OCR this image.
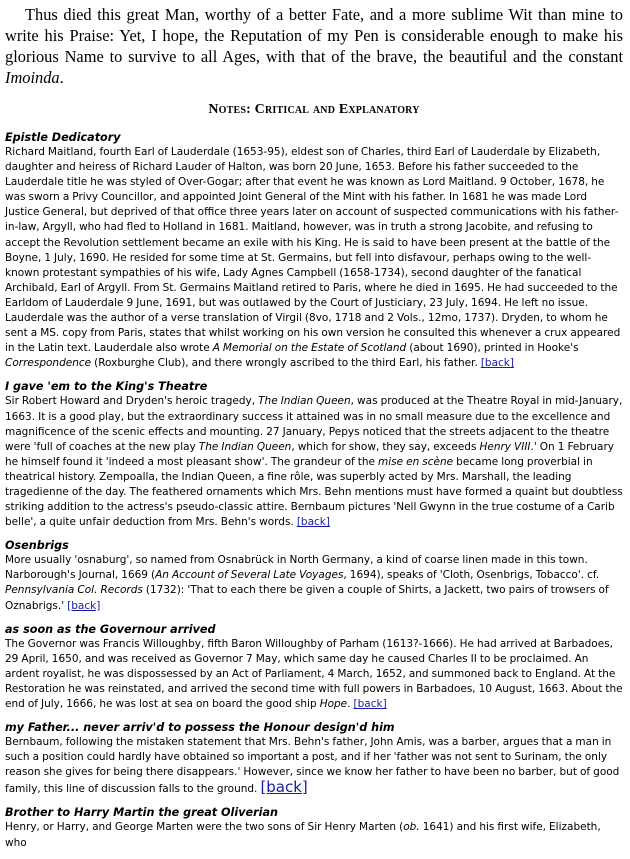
Thus died this great Man, worthy of a better Fate, and a more sublime Wit than mine to write his Praise: Yet, I hope, the Reputation of my Pen is considerable enough to make his glorious Name to survive to all Ages, with that of the brave, the beautiful and the constant Imoinda.

Notes: Critical and Explanatory
Epistle Dedicatory

Richard Maitland, fourth Earl of Lauderdale (1653-95), eldest son of Charles, third Earl of Lauderdale by Elizabeth, daughter and heiress of Richard Lauder of Halton, was born 20 June, 1653. Before his father succeeded to the Lauderdale title he was styled of Over-Gogar; after that event he was known as Lord Maitland. 9 October, 1678, he was sworn a Privy Councillor, and appointed Joint General of the Mint with his father. In 1681 he was made Lord Justice General, but deprived of that office three years later on account of suspected communications with his father-in-law, Argyll, who had fled to Holland in 1681. Maitland, however, was in truth a strong Jacobite, and refusing to accept the Revolution settlement became an exile with his King. He is said to have been present at the battle of the Boyne, 1 July, 1690. He resided for some time at St. Germains, but fell into disfavour, perhaps owing to the well-known protestant sympathies of his wife, Lady Agnes Campbell (1658-1734), second daughter of the fanatical Archibald, Earl of Argyll. From St. Germains Maitland retired to Paris, where he died in 1695. He had succeeded to the Earldom of Lauderdale 9 June, 1691, but was outlawed by the Court of Justiciary, 23 July, 1694. He left no issue. Lauderdale was the author of a verse translation of Virgil (8vo, 1718 and 2 Vols., 12mo, 1737). Dryden, to whom he sent a MS. copy from Paris, states that whilst working on his own version he consulted this whenever a crux appeared in the Latin text. Lauderdale also wrote A Memorial on the Estate of Scotland (about 1690), printed in Hooke's Correspondence (Roxburghe Club), and there wrongly ascribed to the third Earl, his father. [back]

I gave 'em to the King's Theatre

Sir Robert Howard and Dryden's heroic tragedy, The Indian Queen, was produced at the Theatre Royal in mid-January, 1663. It is a good play, but the extraordinary success it attained was in no small measure due to the excellence and magnificence of the scenic effects and mounting. 27 January, Pepys noticed that the streets adjacent to the theatre were 'full of coaches at the new play The Indian Queen, which for show, they say, exceeds Henry VIII.' On 1 February he himself found it 'indeed a most pleasant show'. The grandeur of the mise en scène became long proverbial in theatrical history. Zempoalla, the Indian Queen, a fine rôle, was superbly acted by Mrs. Marshall, the leading tragedienne of the day. The feathered ornaments which Mrs. Behn mentions must have formed a quaint but doubtless striking addition to the actress's pseudo-classic attire. Bernbaum pictures 'Nell Gwynn in the true costume of a Carib belle', a quite unfair deduction from Mrs. Behn's words. [back]

Osenbrigs

More usually 'osnaburg', so named from Osnabrück in North Germany, a kind of coarse linen made in this town. Narborough's Journal, 1669 (An Account of Several Late Voyages, 1694), speaks of 'Cloth, Osenbrigs, Tobacco'. cf. Pennsylvania Col. Records (1732): 'That to each there be given a couple of Shirts, a Jackett, two pairs of trowsers of Oznabrigs.' [back]

as soon as the Governour arrived

The Governor was Francis Willoughby, fifth Baron Willoughby of Parham (1613?-1666). He had arrived at Barbadoes, 29 April, 1650, and was received as Governor 7 May, which same day he caused Charles II to be proclaimed. An ardent royalist, he was dispossessed by an Act of Parliament, 4 March, 1652, and summoned back to England. At the Restoration he was reinstated, and arrived the second time with full powers in Barbadoes, 10 August, 1663. About the end of July, 1666, he was lost at sea on board the good ship Hope. [back]

my Father... never arriv'd to possess the Honour design'd him

Bernbaum, following the mistaken statement that Mrs. Behn's father, John Amis, was a barber, argues that a man in such a position could hardly have obtained so important a post, and if her 'father was not sent to Surinam, the only reason she gives for being there disappears.' However, since we know her father to have been no barber, but of good family, this line of discussion falls to the ground. [back]

Brother to Harry Martin the great Oliverian

Henry, or Harry, and George Marten were the two sons of Sir Henry Marten (ob. 1641) and his first wife, Elizabeth, who
